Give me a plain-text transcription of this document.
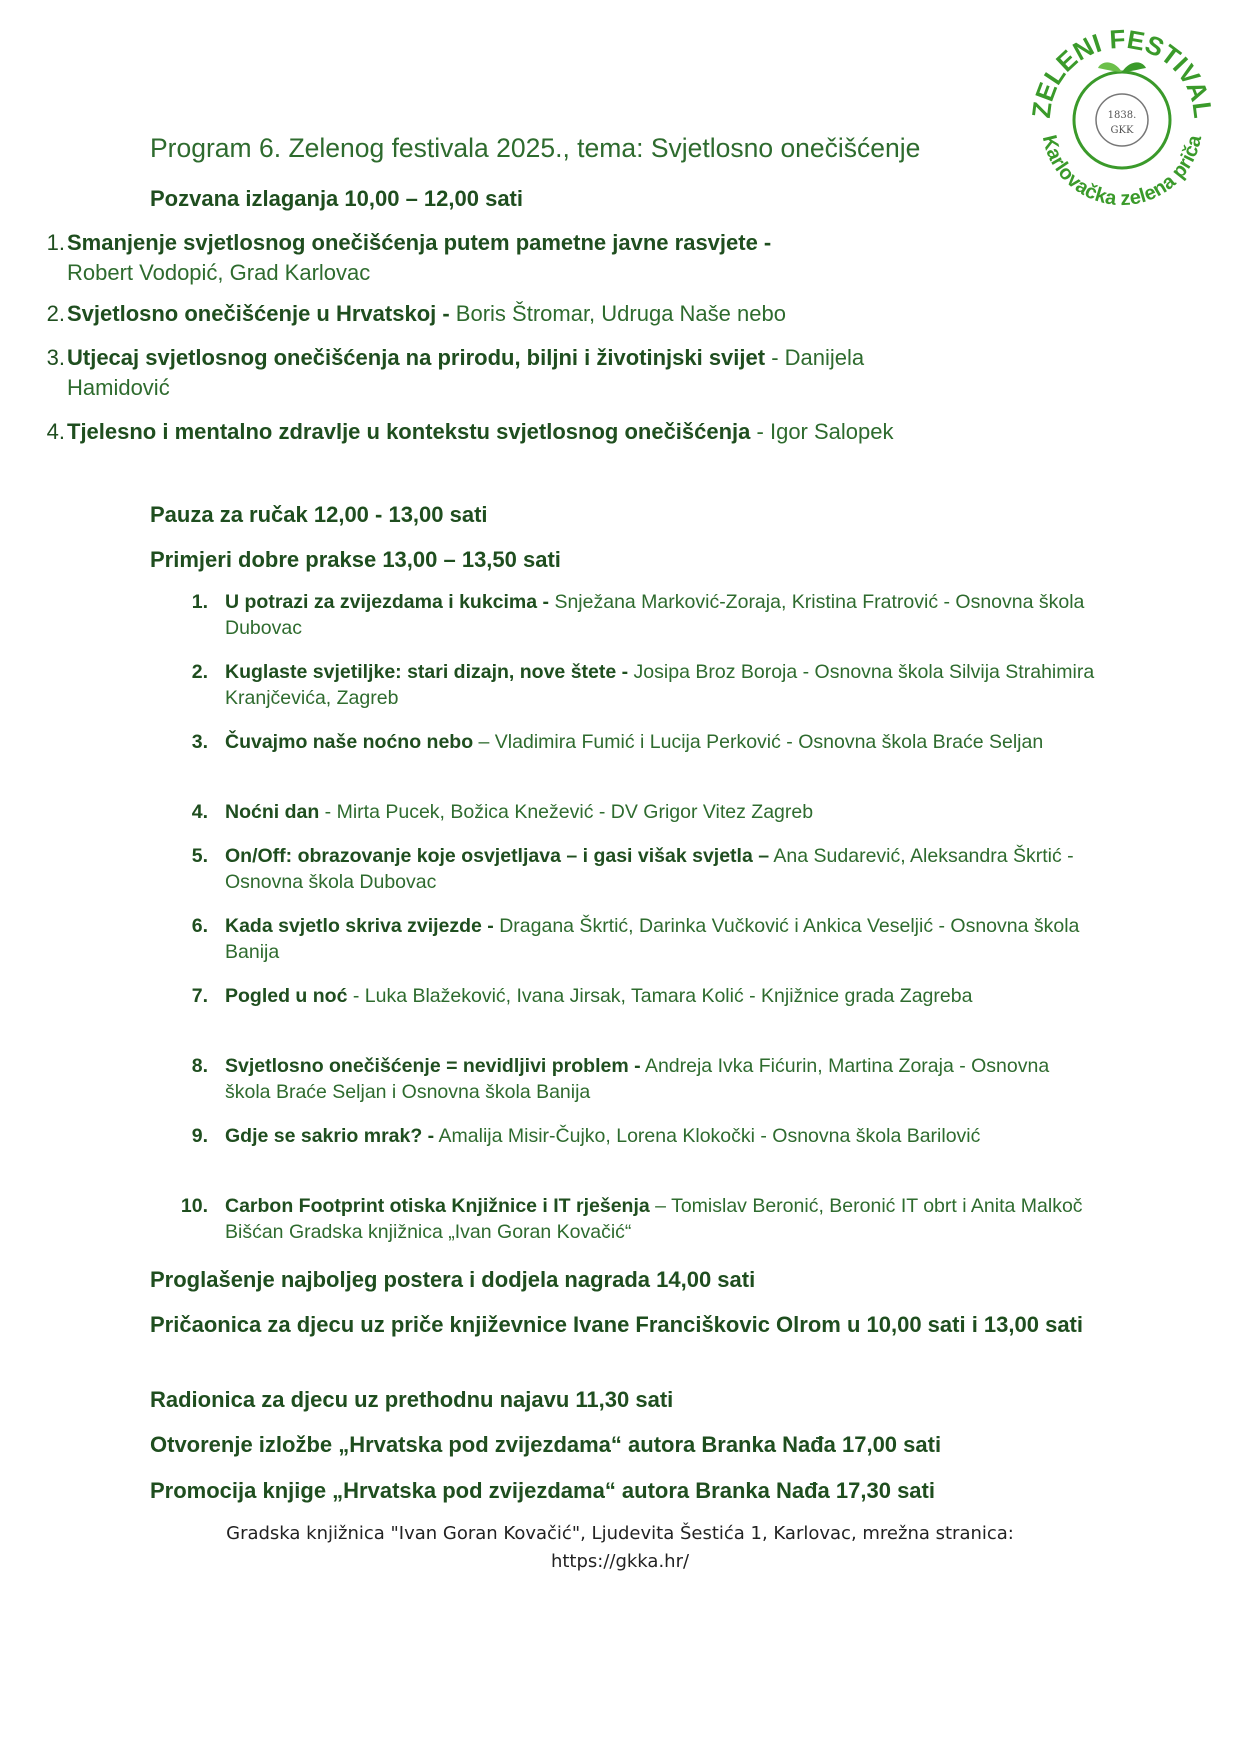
1838.
GKK
ZELENI FESTIVAL
Karlovačka zelena priča
Program 6. Zelenog festivala 2025., tema: Svjetlosno onečišćenje
Pozvana izlaganja 10,00 – 12,00 sati
1. Smanjenje svjetlosnog onečišćenja putem pametne javne rasvjete -
Robert Vodopić, Grad Karlovac
2. Svjetlosno onečišćenje u Hrvatskoj - Boris Štromar, Udruga Naše nebo
3. Utjecaj svjetlosnog onečišćenja na prirodu, biljni i životinjski svijet - Danijela Hamidović
4. Tjelesno i mentalno zdravlje u kontekstu svjetlosnog onečišćenja - Igor Salopek
Pauza za ručak 12,00 - 13,00 sati
Primjeri dobre prakse 13,00 – 13,50 sati
1. U potrazi za zvijezdama i kukcima - Snježana Marković-Zoraja, Kristina Fratrović - Osnovna škola Dubovac
2. Kuglaste svjetiljke: stari dizajn, nove štete - Josipa Broz Boroja - Osnovna škola Silvija Strahimira Kranjčevića, Zagreb
3. Čuvajmo naše noćno nebo – Vladimira Fumić i Lucija Perković - Osnovna škola Braće Seljan
4. Noćni dan - Mirta Pucek, Božica Knežević - DV Grigor Vitez Zagreb
5. On/Off: obrazovanje koje osvjetljava – i gasi višak svjetla – Ana Sudarević, Aleksandra Škrtić - Osnovna škola Dubovac
6. Kada svjetlo skriva zvijezde - Dragana Škrtić, Darinka Vučković i Ankica Veseljić - Osnovna škola Banija
7. Pogled u noć - Luka Blažeković, Ivana Jirsak, Tamara Kolić - Knjižnice grada Zagreba
8. Svjetlosno onečišćenje = nevidljivi problem - Andreja Ivka Fićurin, Martina Zoraja - Osnovna škola Braće Seljan i Osnovna škola Banija
9. Gdje se sakrio mrak? - Amalija Misir-Čujko, Lorena Klokočki - Osnovna škola Barilović
10. Carbon Footprint otiska Knjižnice i IT rješenja – Tomislav Beronić, Beronić IT obrt i Anita Malkoč Bišćan Gradska knjižnica „Ivan Goran Kovačić“
Proglašenje najboljeg postera i dodjela nagrada 14,00 sati
Pričaonica za djecu uz priče književnice Ivane Franciškovic Olrom u 10,00 sati i 13,00 sati
Radionica za djecu uz prethodnu najavu 11,30 sati
Otvorenje izložbe „Hrvatska pod zvijezdama“ autora Branka Nađa 17,00 sati
Promocija knjige „Hrvatska pod zvijezdama“ autora Branka Nađa 17,30 sati
Gradska knjižnica "Ivan Goran Kovačić", Ljudevita Šestića 1, Karlovac, mrežna stranica:
https://gkka.hr/
